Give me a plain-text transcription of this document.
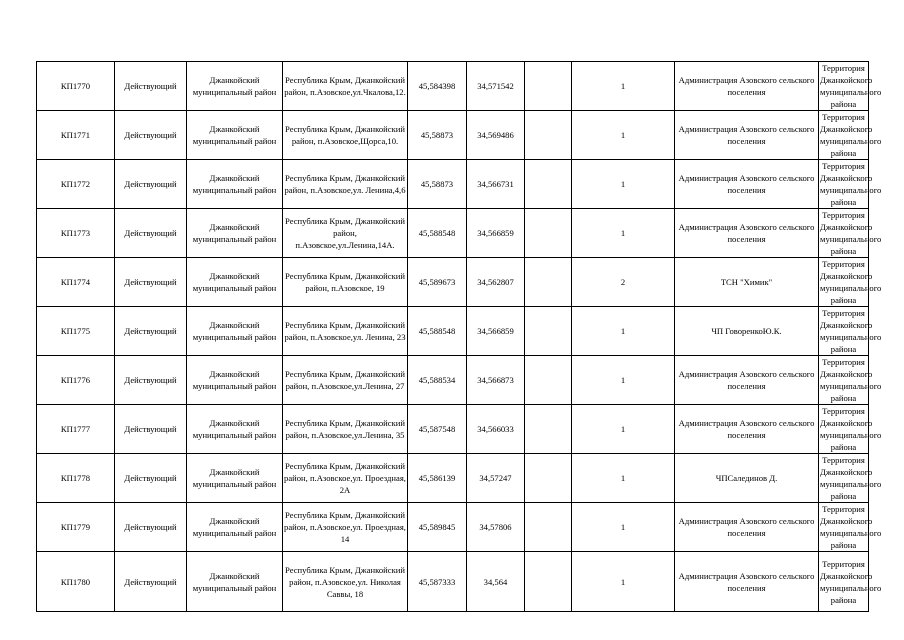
КП1770	Действующий	Джанкойский муниципальный район	Республика Крым, Джанкойский район, п.Азовское,ул.Чкалова,12.	45,584398	34,571542		1	Администрация Азовского сельского поселения	Территория Джанкойского муниципального района
КП1771	Действующий	Джанкойский муниципальный район	Республика Крым, Джанкойский район, п.Азовское,Щорса,10.	45,58873	34,569486		1	Администрация Азовского сельского поселения	Территория Джанкойского муниципального района
КП1772	Действующий	Джанкойский муниципальный район	Республика Крым, Джанкойский район, п.Азовское,ул. Ленина,4,6	45,58873	34,566731		1	Администрация Азовского сельского поселения	Территория Джанкойского муниципального района
КП1773	Действующий	Джанкойский муниципальный район	Республика Крым, Джанкойский район, п.Азовское,ул.Ленина,14А.	45,588548	34,566859		1	Администрация Азовского сельского поселения	Территория Джанкойского муниципального района
КП1774	Действующий	Джанкойский муниципальный район	Республика Крым, Джанкойский район, п.Азовское, 19	45,589673	34,562807		2	ТСН "Химик"	Территория Джанкойского муниципального района
КП1775	Действующий	Джанкойский муниципальный район	Республика Крым, Джанкойский район, п.Азовское,ул. Ленина, 23	45,588548	34,566859		1	ЧП ГоворенкоЮ.К.	Территория Джанкойского муниципального района
КП1776	Действующий	Джанкойский муниципальный район	Республика Крым, Джанкойский район, п.Азовское,ул.Ленина, 27	45,588534	34,566873		1	Администрация Азовского сельского поселения	Территория Джанкойского муниципального района
КП1777	Действующий	Джанкойский муниципальный район	Республика Крым, Джанкойский район, п.Азовское,ул.Ленина, 35	45,587548	34,566033		1	Администрация Азовского сельского поселения	Территория Джанкойского муниципального района
КП1778	Действующий	Джанкойский муниципальный район	Республика Крым, Джанкойский район, п.Азовское,ул. Проездная, 2А	45,586139	34,57247		1	ЧПСалединов Д.	Территория Джанкойского муниципального района
КП1779	Действующий	Джанкойский муниципальный район	Республика Крым, Джанкойский район, п.Азовское,ул. Проездная, 14	45,589845	34,57806		1	Администрация Азовского сельского поселения	Территория Джанкойского муниципального района
КП1780	Действующий	Джанкойский муниципальный район	Республика Крым, Джанкойский район, п.Азовское,ул. Николая Саввы, 18	45,587333	34,564		1	Администрация Азовского сельского поселения	Территория Джанкойского муниципального района
